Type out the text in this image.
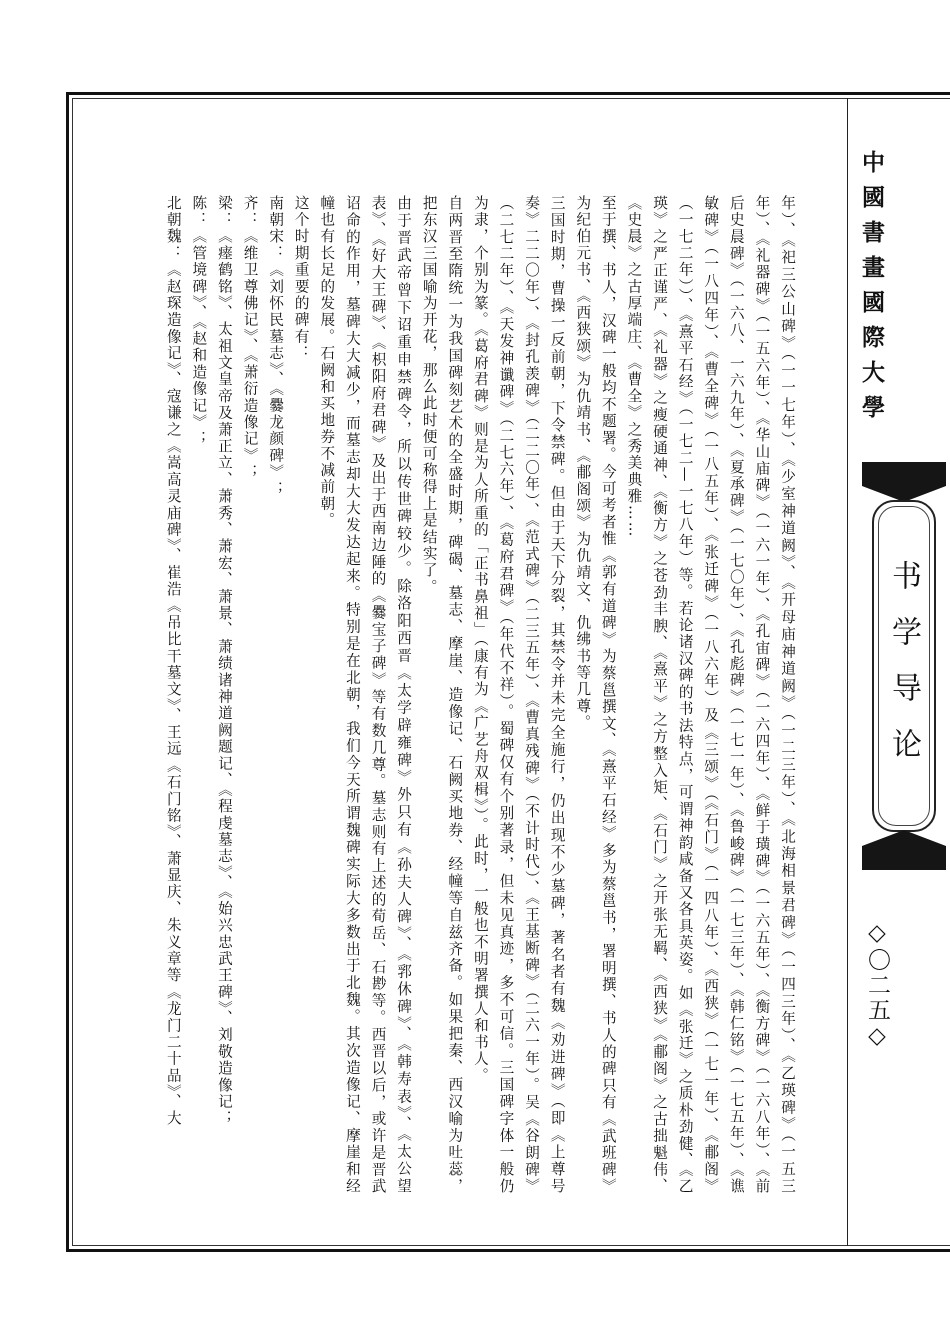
中國書畫國際大學
书学导论
◇〇二五◇

年）、《祀三公山碑》（一一七年）、《少室神道阙》、《开母庙神道阙》（一二三年）、《北海相景君碑》（一四三年）、《乙瑛碑》（一五三年）、《礼器碑》（一五六年）、《华山庙碑》（一六一年）、《孔宙碑》（一六四年）、《鲜于璜碑》（一六五年）、《衡方碑》（一六八年）、《前后史晨碑》（一六八、一六九年）、《夏承碑》（一七〇年）、《孔彪碑》（一七一年）、《鲁峻碑》（一七三年）、《韩仁铭》（一七五年）、《谯敏碑》（一八四年）、《曹全碑》（一八五年）、《张迁碑》（一八六年）及《三颂》（《石门》（一四八年）、《西狭》（一七一年）、《郙阁》（一七二年））、《熹平石经》（一七二—一七八年）等。若论诸汉碑的书法特点，可谓神韵咸备又各具英姿。如《张迁》之质朴劲健、《乙瑛》之严正谨严、《礼器》之瘦硬通神、《衡方》之苍劲丰腴、《熹平》之方整入矩、《石门》之开张无羁、《西狭》《郙阁》之古拙魁伟、《史晨》之古厚端庄、《曹全》之秀美典雅……

至于撰、书人，汉碑一般均不题署。今可考者惟《郭有道碑》为蔡邕撰文、《熹平石经》多为蔡邕书，署明撰、书人的碑只有《武班碑》为纪伯元书、《西狭颂》为仇靖书、《郙阁颂》为仇靖文、仇绋书等几尊。

三国时期，曹操一反前朝，下令禁碑。但由于天下分裂，其禁令并未完全施行，仍出现不少墓碑，著名者有魏《劝进碑》（即《上尊号奏》二二〇年）、《封孔羡碑》（二二〇年）、《范式碑》（二三五年）、《曹真残碑》（不计时代）、《王基断碑》（二六一年）。吴《谷朗碑》（二七二年）、《天发神谶碑》（二七六年）、《葛府君碑》（年代不祥）。蜀碑仅有个别著录，但未见真迹，多不可信。三国碑字体一般仍为隶，个别为篆。《葛府君碑》则是为人所重的「正书鼻祖」（康有为《广艺舟双楫》）。此时，一般也不明署撰人和书人。

自两晋至隋统一为我国碑刻艺术的全盛时期，碑碣、墓志、摩崖、造像记、石阙买地券、经幢等自兹齐备。如果把秦、西汉喻为吐蕊，把东汉三国喻为开花，那么此时便可称得上是结实了。

由于晋武帝曾下诏重申禁碑令，所以传世碑较少。除洛阳西晋《太学辟雍碑》外只有《孙夫人碑》、《郛休碑》、《韩寿表》、《太公望表》、《好大王碑》、《枳阳府君碑》及出于西南边陲的《爨宝子碑》等有数几尊。墓志则有上述的荀岳、石尠等。西晋以后，或许是晋武诏命的作用，墓碑大大减少，而墓志却大大发达起来。特别是在北朝，我们今天所谓魏碑实际大多数出于北魏。其次造像记、摩崖和经幢也有长足的发展。石阙和买地券不减前朝。

这个时期重要的碑有：

南朝宋：《刘怀民墓志》、《爨龙颜碑》；

齐：《维卫尊佛记》、《萧衍造像记》；

梁：《瘗鹤铭》、太祖文皇帝及萧正立、萧秀、萧宏、萧景、萧绩诸神道阙题记、《程虔墓志》、《始兴忠武王碑》、刘敬造像记；

陈：《管境碑》、《赵和造像记》；

北朝魏：《赵琛造像记》、寇谦之《嵩高灵庙碑》、崔浩《吊比干墓文》、王远《石门铭》、萧显庆、朱义章等《龙门二十品》、大
